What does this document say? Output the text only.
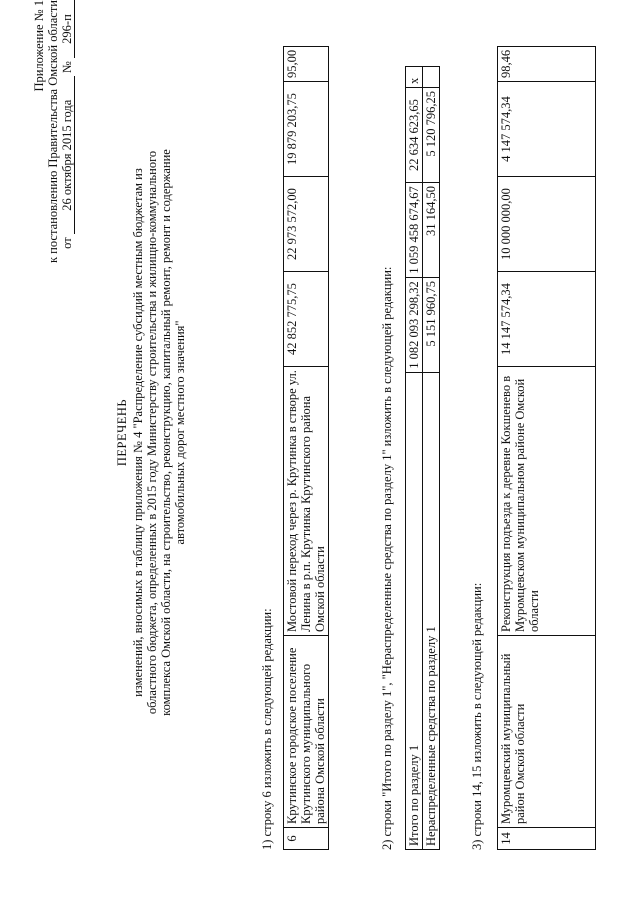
Приложение № 1 к постановлению Правительства Омской области от 26 октября 2015 года № 296-п
ПЕРЕЧЕНЬ изменений, вносимых в таблицу приложения № 4 "Распределение субсидий местным бюджетам из областного бюджета, определенных в 2015 году Министерству строительства и жилищно-коммунального комплекса Омской области, на строительство, реконструкцию, капитальный ремонт, ремонт и содержание автомобильных дорог местного значения"
1) строку 6 изложить в следующей редакции: 6	Крутинское городское поселение Крутинского муниципального района Омской области	Мостовой переход через р. Крутинка в створе ул. Ленина в р.п. Крутинка Крутинского района Омской области	42 852 775,75	22 973 572,00	19 879 203,75	95,00
2) строки "Итого по разделу 1", "Нераспределенные средства по разделу 1" изложить в следующей редакции: Итого по разделу 1	1 082 093 298,32	1 059 458 674,67	22 634 623,65	х
Нераспределенные средства по разделу 1	5 151 960,75	31 164,50	5 120 796,25	
3) строки 14, 15 изложить в следующей редакции: 14	Муромцевский муниципальный район Омской области	Реконструкция подъезда к деревне Кокшенево в Муромцевском муниципальном районе Омской области	14 147 574,34	10 000 000,00	4 147 574,34	98,46
